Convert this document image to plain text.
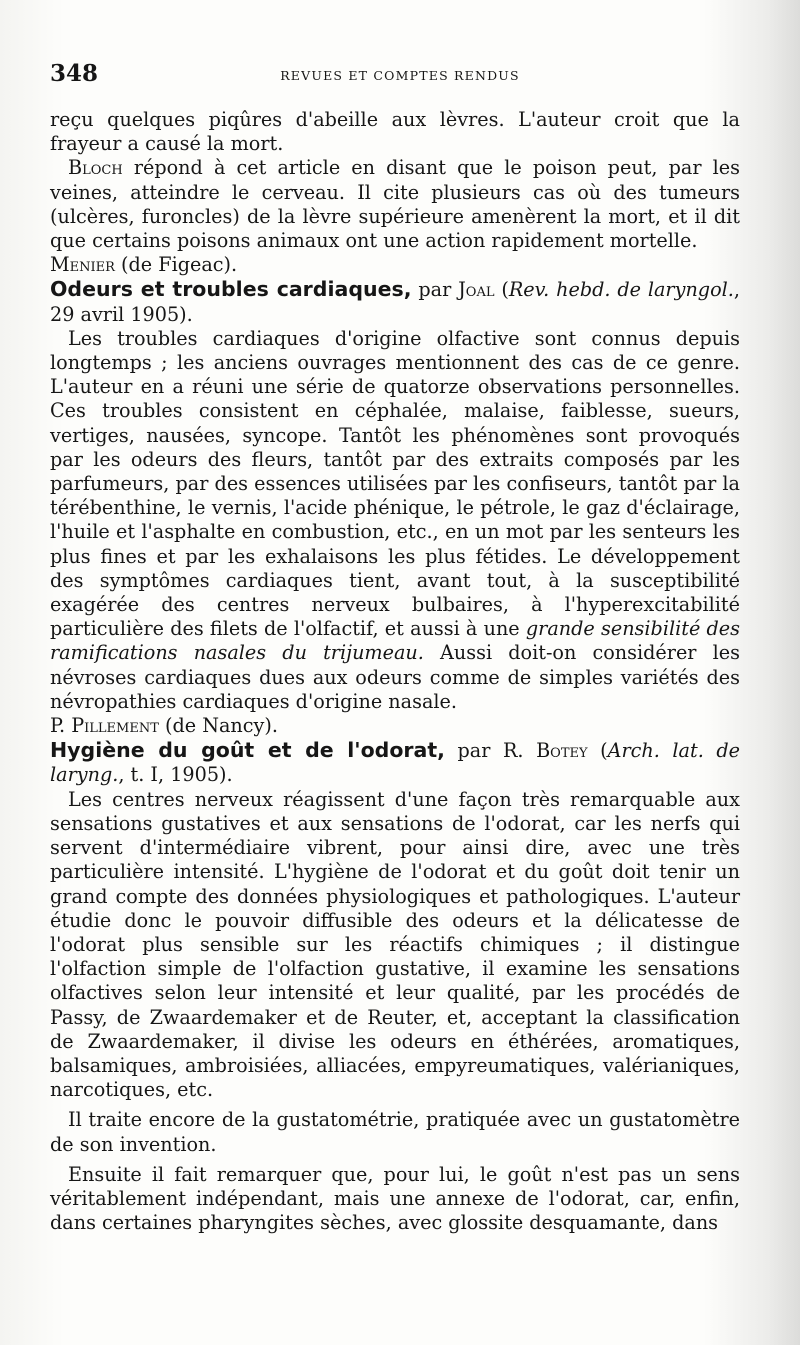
348	REVUES ET COMPTES RENDUS

reçu quelques piqûres d'abeille aux lèvres. L'auteur croit que la frayeur a causé la mort.

Bloch répond à cet article en disant que le poison peut, par les veines, atteindre le cerveau. Il cite plusieurs cas où des tumeurs (ulcères, furoncles) de la lèvre supérieure amenèrent la mort, et il dit que certains poisons animaux ont une action rapidement mortelle.

Menier (de Figeac).

Odeurs et troubles cardiaques, par Joal (Rev. hebd. de laryngol., 29 avril 1905).

Les troubles cardiaques d'origine olfactive sont connus depuis longtemps ; les anciens ouvrages mentionnent des cas de ce genre. L'auteur en a réuni une série de quatorze observations personnelles. Ces troubles consistent en céphalée, malaise, faiblesse, sueurs, vertiges, nausées, syncope. Tantôt les phénomènes sont provoqués par les odeurs des fleurs, tantôt par des extraits composés par les parfumeurs, par des essences utilisées par les confiseurs, tantôt par la térébenthine, le vernis, l'acide phénique, le pétrole, le gaz d'éclairage, l'huile et l'asphalte en combustion, etc., en un mot par les senteurs les plus fines et par les exhalaisons les plus fétides. Le développement des symptômes cardiaques tient, avant tout, à la susceptibilité exagérée des centres nerveux bulbaires, à l'hyperexcitabilité particulière des filets de l'olfactif, et aussi à une grande sensibilité des ramifications nasales du trijumeau. Aussi doit-on considérer les névroses cardiaques dues aux odeurs comme de simples variétés des névropathies cardiaques d'origine nasale.

P. Pillement (de Nancy).

Hygiène du goût et de l'odorat, par R. Botey (Arch. lat. de laryng., t. I, 1905).

Les centres nerveux réagissent d'une façon très remarquable aux sensations gustatives et aux sensations de l'odorat, car les nerfs qui servent d'intermédiaire vibrent, pour ainsi dire, avec une très particulière intensité. L'hygiène de l'odorat et du goût doit tenir un grand compte des données physiologiques et pathologiques. L'auteur étudie donc le pouvoir diffusible des odeurs et la délicatesse de l'odorat plus sensible sur les réactifs chimiques ; il distingue l'olfaction simple de l'olfaction gustative, il examine les sensations olfactives selon leur intensité et leur qualité, par les procédés de Passy, de Zwaardemaker et de Reuter, et, acceptant la classification de Zwaardemaker, il divise les odeurs en éthérées, aromatiques, balsamiques, ambroisiées, alliacées, empyreumatiques, valérianiques, narcotiques, etc.

Il traite encore de la gustatométrie, pratiquée avec un gustatomètre de son invention.

Ensuite il fait remarquer que, pour lui, le goût n'est pas un sens véritablement indépendant, mais une annexe de l'odorat, car, enfin, dans certaines pharyngites sèches, avec glossite desquamante, dans
